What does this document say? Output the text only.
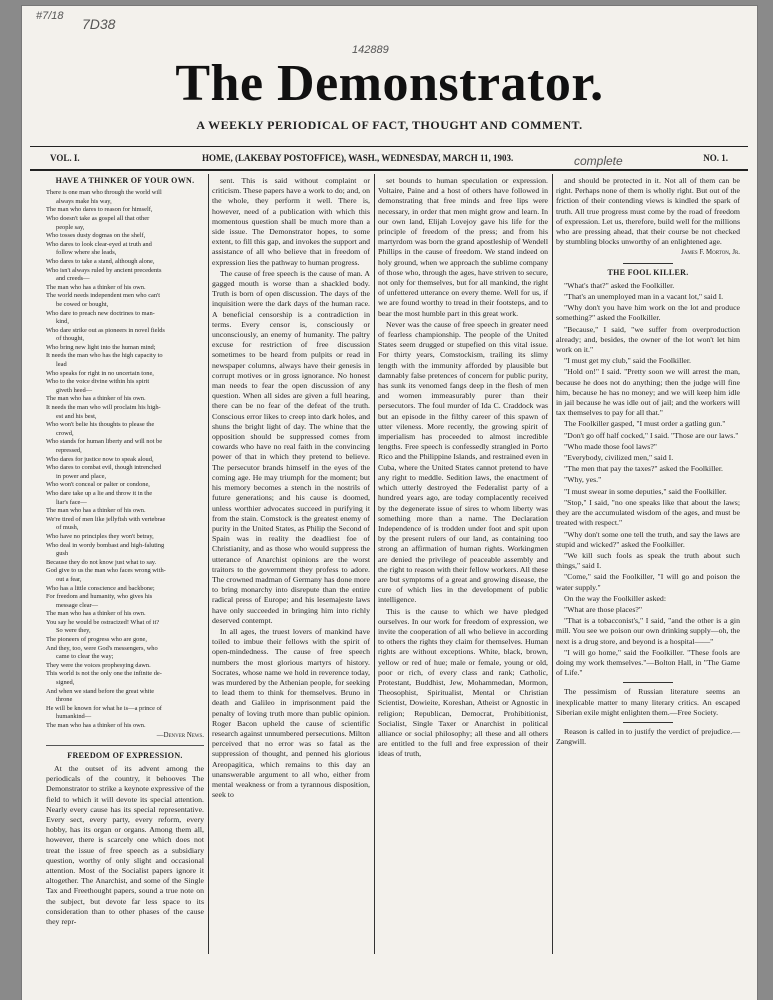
#7/18 7D38
142889
complete
The Demonstrator.
A WEEKLY PERIODICAL OF FACT, THOUGHT AND COMMENT.
VOL. I.	HOME, (LAKEBAY POSTOFFICE), WASH., WEDNESDAY, MARCH 11, 1903.	NO. 1.
HAVE A THINKER OF YOUR OWN.
There is one man who through the world will
always make his way,
The man who dares to reason for himself,
Who doesn't take as gospel all that other
people say,
Who tosses dusty dogmas on the shelf,
Who dares to look clear-eyed at truth and
follow where she leads,
Who dares to take a stand, although alone,
Who isn't always ruled by ancient precedents
and creeds—
The man who has a thinker of his own.
The world needs independent men who can't
be cowed or bought,
Who dare to preach new doctrines to man-
kind,
Who dare strike out as pioneers in novel fields
of thought,
Who bring new light into the human mind;
It needs the man who has the high capacity to
lead
Who speaks for right in no uncertain tone,
Who to the voice divine within his spirit
giveth heed—
The man who has a thinker of his own.
It needs the man who will proclaim his high-
est and his best,
Who won't belie his thoughts to please the
crowd,
Who stands for human liberty and will not be
repressed,
Who dares for justice now to speak aloud,
Who dares to combat evil, though intrenched
in power and place,
Who won't conceal or palter or condone,
Who dare take up a lie and throw it in the
liar's face—
The man who has a thinker of his own.
We're tired of men like jellyfish with vertebrae
of mush,
Who have no principles they won't betray,
Who deal in wordy bombast and high-faluting
gush
Because they do not know just what to say.
God give to us the man who faces wrong with-
out a fear,
Who has a little conscience and backbone;
For freedom and humanity, who gives his
message clear—
The man who has a thinker of his own.
You say he would be ostracized! What of it?
So were they,
The pioneers of progress who are gone,
And they, too, were God's messengers, who
came to clear the way;
They were the voices prophesying dawn.
This world is not the only one the infinite de-
signed,
And when we stand before the great white
throne
He will be known for what he is—a prince of
humankind—
The man who has a thinker of his own.
—Denver News.
FREEDOM OF EXPRESSION.

At the outset of its advent among the periodicals of the country, it behooves The Demonstrator to strike a keynote expressive of the field to which it will devote its special attention. Nearly every cause has its special representative. Every sect, every party, every reform, every hobby, has its organ or organs. Among them all, however, there is scarcely one which does not treat the issue of free speech as a subsidiary question, worthy of only slight and occasional attention. Most of the Socialist papers ignore it altogether. The Anarchist, and some of the Single Tax and Freethought papers, sound a true note on the subject, but devote far less space to its consideration than to other phases of the cause they repr-

sent. This is said without complaint or criticism. These papers have a work to do; and, on the whole, they perform it well. There is, however, need of a publication with which this momentous question shall be much more than a side issue. The Demonstrator hopes, to some extent, to fill this gap, and invokes the support and assistance of all who believe that in freedom of expression lies the pathway to human progress.

The cause of free speech is the cause of man. A gagged mouth is worse than a shackled body. Truth is born of open discussion. The days of the inquisition were the dark days of the human race. A beneficial censorship is a contradiction in terms. Every censor is, consciously or unconsciously, an enemy of humanity. The paltry excuse for restriction of free discussion sometimes to be heard from pulpits or read in newspaper columns, always have their genesis in corrupt motives or in gross ignorance. No honest man needs to fear the open discussion of any question. When all sides are given a full hearing, there can be no fear of the defeat of the truth. Conscious error likes to creep into dark holes, and shuns the bright light of day. The whine that the opposition should be suppressed comes from cowards who have no real faith in the convincing power of that in which they pretend to believe. The persecutor brands himself in the eyes of the coming age. He may triumph for the moment; but his memory becomes a stench in the nostrils of future generations; and his cause is doomed, unless worthier advocates succeed in purifying it from the stain. Comstock is the greatest enemy of purity in the United States, as Philip the Second of Spain was in reality the deadliest foe of Christianity, and as those who would suppress the utterance of Anarchist opinions are the worst traitors to the government they profess to adore. The crowned madman of Germany has done more to bring monarchy into disrepute than the entire radical press of Europe; and his lesemajeste laws have only succeeded in bringing him into richly deserved contempt.

In all ages, the truest lovers of mankind have toiled to imbue their fellows with the spirit of open-mindedness. The cause of free speech numbers the most glorious martyrs of history. Socrates, whose name we hold in reverence today, was murdered by the Athenian people, for seeking to lead them to think for themselves. Bruno in death and Galileo in imprisonment paid the penalty of loving truth more than public opinion. Roger Bacon upheld the cause of scientific research against unnumbered persecutions. Milton perceived that no error was so fatal as the suppression of thought, and penned his glorious Areopagitica, which remains to this day an unanswerable argument to all who, either from mental weakness or from a tyrannous disposition, seek to

set bounds to human speculation or expression. Voltaire, Paine and a host of others have followed in demonstrating that free minds and free lips were necessary, in order that men might grow and learn. In our own land, Elijah Lovejoy gave his life for the principle of freedom of the press; and from his martyrdom was born the grand apostleship of Wendell Phillips in the cause of freedom. We stand indeed on holy ground, when we approach the sublime company of those who, through the ages, have striven to secure, not only for themselves, but for all mankind, the right of unfettered utterance on every theme. Well for us, if we are found worthy to tread in their footsteps, and to bear the most humble part in this great work.

Never was the cause of free speech in greater need of fearless championship. The people of the United States seem drugged or stupefied on this vital issue. For thirty years, Comstockism, trailing its slimy length with the immunity afforded by plausible but damnably false pretences of concern for public purity, has sunk its venomed fangs deep in the flesh of men and women immeasurably purer than their persecutors. The foul murder of Ida C. Craddock was but an episode in the filthy career of this spawn of utter vileness. More recently, the growing spirit of imperialism has proceeded to almost incredible lengths. Free speech is confessedly strangled in Porto Rico and the Philippine Islands, and restrained even in Cuba, where the United States cannot pretend to have any right to meddle. Sedition laws, the enactment of which utterly destroyed the Federalist party of a hundred years ago, are today complacently received by the degenerate issue of sires to whom liberty was something more than a name. The Declaration Independence of is trodden under foot and spit upon by the present rulers of our land, as containing too strong an affirmation of human rights. Workingmen are denied the privilege of peaceable assembly and the right to reason with their fellow workers. All these are but symptoms of a great and growing disease, the cure of which lies in the development of public intelligence.

This is the cause to which we have pledged ourselves. In our work for freedom of expression, we invite the cooperation of all who believe in according to others the rights they claim for themselves. Human rights are without exceptions. White, black, brown, yellow or red of hue; male or female, young or old, poor or rich, of every class and rank; Catholic, Protestant, Buddhist, Jew, Mohammedan, Mormon, Theosophist, Spiritualist, Mental or Christian Scientist, Dowieite, Koreshan, Atheist or Agnostic in religion; Republican, Democrat, Prohibitionist, Socialist, Single Taxer or Anarchist in political alliance or social philosophy; all these and all others are entitled to the full and free expression of their ideas of truth,

and should be protected in it. Not all of them can be right. Perhaps none of them is wholly right. But out of the friction of their contending views is kindled the spark of truth. All true progress must come by the road of freedom of expression. Let us, therefore, build well for the millions who are pressing ahead, that their course be not checked by stumbling blocks unworthy of an enlightened age.

James F. Morton, Jr.
THE FOOL KILLER.

"What's that?" asked the Foolkiller.

"That's an unemployed man in a vacant lot," said I.

"Why don't you have him work on the lot and produce something?" asked the Foolkiller.

"Because," I said, "we suffer from overproduction already; and, besides, the owner of the lot won't let him work on it."

"I must get my club," said the Foolkiller.

"Hold on!" I said. "Pretty soon we will arrest the man, because he does not do anything; then the judge will fine him, because he has no money; and we will keep him idle in jail because he was idle out of jail; and the workers will tax themselves to pay for all that."

The Foolkiller gasped, "I must order a gatling gun."

"Don't go off half cocked," I said. "Those are our laws."

"Who made those fool laws?"

"Everybody, civilized men," said I.

"The men that pay the taxes?" asked the Foolkiller.

"Why, yes."

"I must swear in some deputies," said the Foolkiller.

"Stop," I said, "no one speaks like that about the laws; they are the accumulated wisdom of the ages, and must be treated with respect."

"Why don't some one tell the truth, and say the laws are stupid and wicked?" asked the Foolkiller.

"We kill such fools as speak the truth about such things," said I.

"Come," said the Foolkiller, "I will go and poison the water supply."

On the way the Foolkiller asked:

"What are those places?"

"That is a tobacconist's," I said, "and the other is a gin mill. You see we poison our own drinking supply—oh, the next is a drug store, and beyond is a hospital——"

"I will go home," said the Foolkiller. "These fools are doing my work themselves."—Bolton Hall, in "The Game of Life."

The pessimism of Russian literature seems an inexplicable matter to many literary critics. An escaped Siberian exile might enlighten them.—Free Society.

Reason is called in to justify the verdict of prejudice.—Zangwill.
